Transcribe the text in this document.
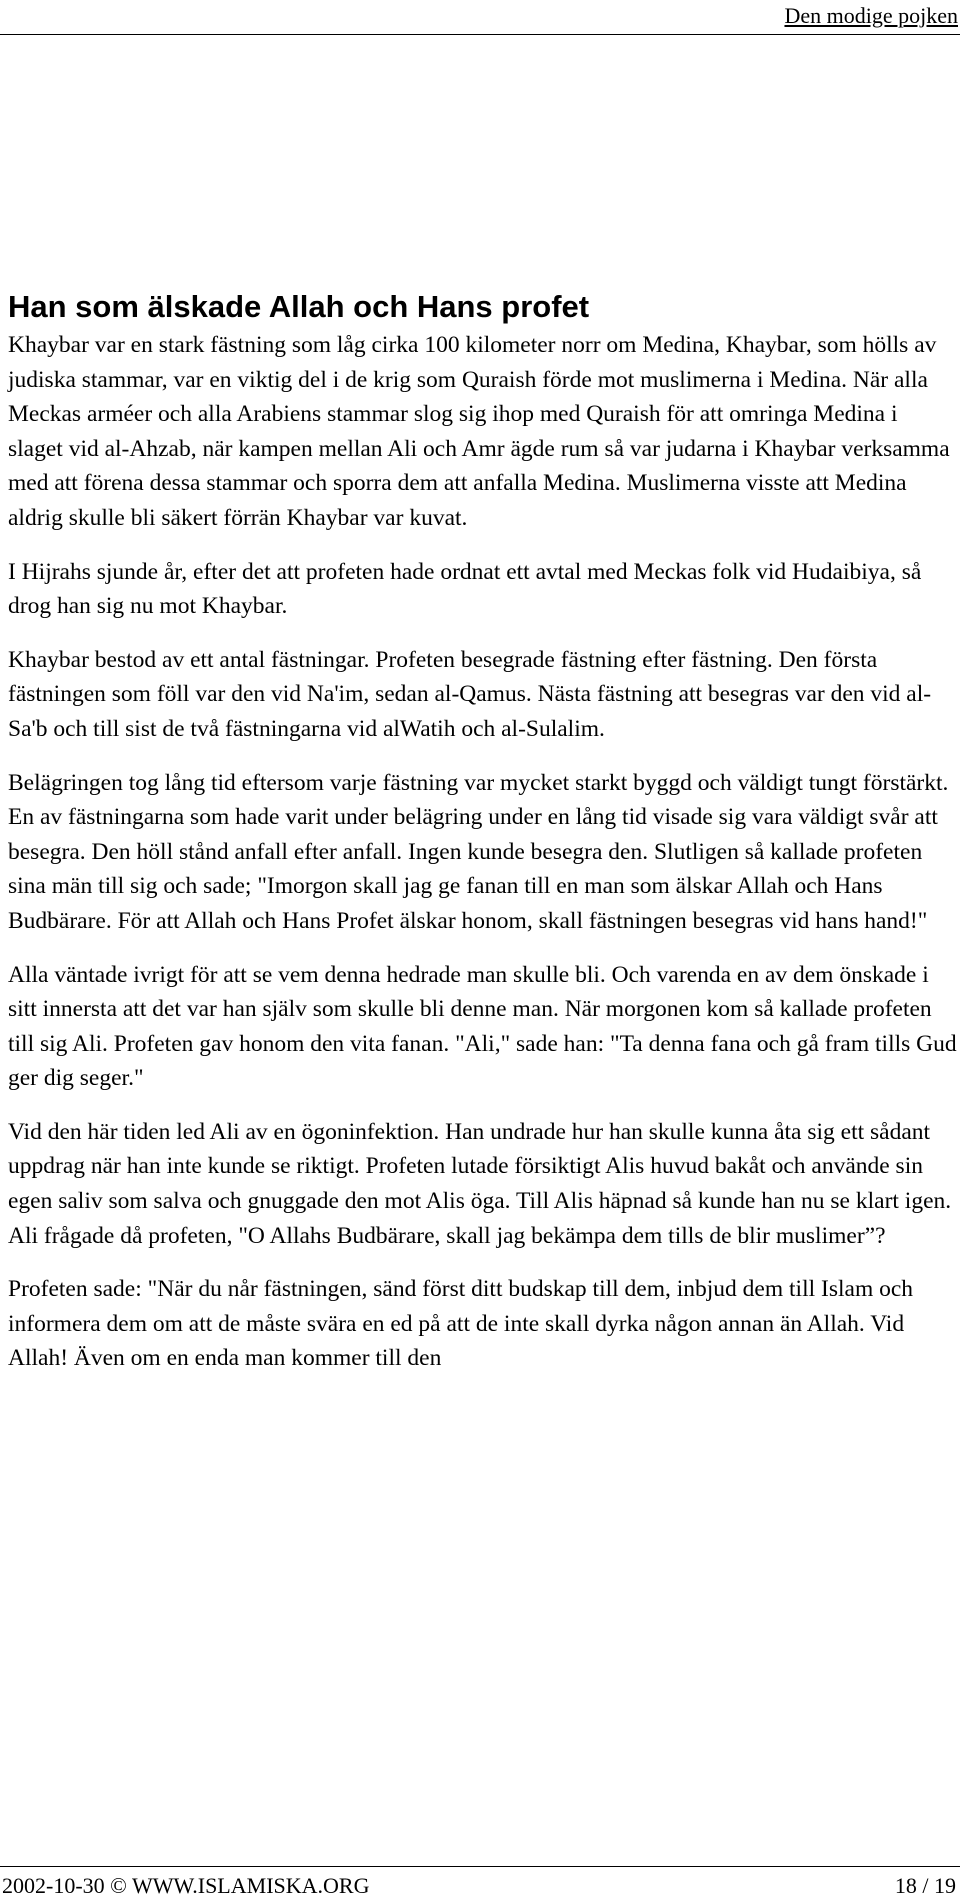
Den modige pojken
Han som älskade Allah och Hans profet

Khaybar var en stark fästning som låg cirka 100 kilometer norr om Medina, Khaybar, som hölls av judiska stammar, var en viktig del i de krig som Quraish förde mot muslimerna i Medina. När alla Meckas arméer och alla Arabiens stammar slog sig ihop med Quraish för att omringa Medina i slaget vid al-Ahzab, när kampen mellan Ali och Amr ägde rum så var judarna i Khaybar verksamma med att förena dessa stammar och sporra dem att anfalla Medina. Muslimerna visste att Medina aldrig skulle bli säkert förrän Khaybar var kuvat.

I Hijrahs sjunde år, efter det att profeten hade ordnat ett avtal med Meckas folk vid Hudaibiya, så drog han sig nu mot Khaybar.

Khaybar bestod av ett antal fästningar. Profeten besegrade fästning efter fästning. Den första fästningen som föll var den vid Na'im, sedan al-Qamus. Nästa fästning att besegras var den vid al-Sa'b och till sist de två fästningarna vid alWatih och al-Sulalim.

Belägringen tog lång tid eftersom varje fästning var mycket starkt byggd och väldigt tungt förstärkt. En av fästningarna som hade varit under belägring under en lång tid visade sig vara väldigt svår att besegra. Den höll stånd anfall efter anfall. Ingen kunde besegra den. Slutligen så kallade profeten sina män till sig och sade; "Imorgon skall jag ge fanan till en man som älskar Allah och Hans Budbärare. För att Allah och Hans Profet älskar honom, skall fästningen besegras vid hans hand!"

Alla väntade ivrigt för att se vem denna hedrade man skulle bli. Och varenda en av dem önskade i sitt innersta att det var han själv som skulle bli denne man. När morgonen kom så kallade profeten till sig Ali. Profeten gav honom den vita fanan. "Ali," sade han: "Ta denna fana och gå fram tills Gud ger dig seger."

Vid den här tiden led Ali av en ögoninfektion. Han undrade hur han skulle kunna åta sig ett sådant uppdrag när han inte kunde se riktigt. Profeten lutade försiktigt Alis huvud bakåt och använde sin egen saliv som salva och gnuggade den mot Alis öga. Till Alis häpnad så kunde han nu se klart igen. Ali frågade då profeten, "O Allahs Budbärare, skall jag bekämpa dem tills de blir muslimer”?

Profeten sade: "När du når fästningen, sänd först ditt budskap till dem, inbjud dem till Islam och informera dem om att de måste svära en ed på att de inte skall dyrka någon annan än Allah. Vid Allah! Även om en enda man kommer till den

2002-10-30 © WWW.ISLAMISKA.ORG	18 / 19
